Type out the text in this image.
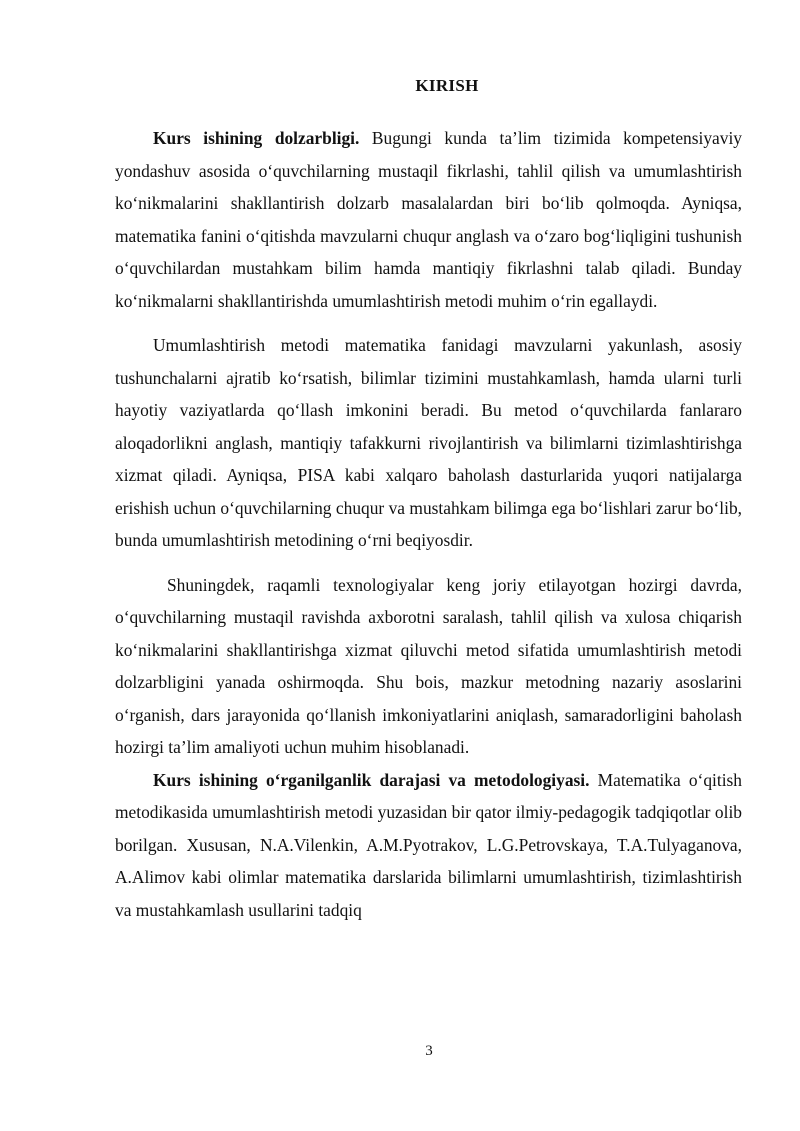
KIRISH

Kurs ishining dolzarbligi. Bugungi kunda ta’lim tizimida kompetensiyaviy yondashuv asosida o‘quvchilarning mustaqil fikrlashi, tahlil qilish va umumlashtirish ko‘nikmalarini shakllantirish dolzarb masalalardan biri bo‘lib qolmoqda. Ayniqsa, matematika fanini o‘qitishda mavzularni chuqur anglash va o‘zaro bog‘liqligini tushunish o‘quvchilardan mustahkam bilim hamda mantiqiy fikrlashni talab qiladi. Bunday ko‘nikmalarni shakllantirishda umumlashtirish metodi muhim o‘rin egallaydi.

Umumlashtirish metodi matematika fanidagi mavzularni yakunlash, asosiy tushunchalarni ajratib ko‘rsatish, bilimlar tizimini mustahkamlash, hamda ularni turli hayotiy vaziyatlarda qo‘llash imkonini beradi. Bu metod o‘quvchilarda fanlararo aloqadorlikni anglash, mantiqiy tafakkurni rivojlantirish va bilimlarni tizimlashtirishga xizmat qiladi. Ayniqsa, PISA kabi xalqaro baholash dasturlarida yuqori natijalarga erishish uchun o‘quvchilarning chuqur va mustahkam bilimga ega bo‘lishlari zarur bo‘lib, bunda umumlashtirish metodining o‘rni beqiyosdir.

Shuningdek, raqamli texnologiyalar keng joriy etilayotgan hozirgi davrda, o‘quvchilarning mustaqil ravishda axborotni saralash, tahlil qilish va xulosa chiqarish ko‘nikmalarini shakllantirishga xizmat qiluvchi metod sifatida umumlashtirish metodi dolzarbligini yanada oshirmoqda. Shu bois, mazkur metodning nazariy asoslarini o‘rganish, dars jarayonida qo‘llanish imkoniyatlarini aniqlash, samaradorligini baholash hozirgi ta’lim amaliyoti uchun muhim hisoblanadi.

Kurs ishining o‘rganilganlik darajasi va metodologiyasi. Matematika o‘qitish metodikasida umumlashtirish metodi yuzasidan bir qator ilmiy-pedagogik tadqiqotlar olib borilgan. Xususan, N.A.Vilenkin, A.M.Pyotrakov, L.G.Petrovskaya, T.A.Tulyaganova, A.Alimov kabi olimlar matematika darslarida bilimlarni umumlashtirish, tizimlashtirish va mustahkamlash usullarini tadqiq

3
